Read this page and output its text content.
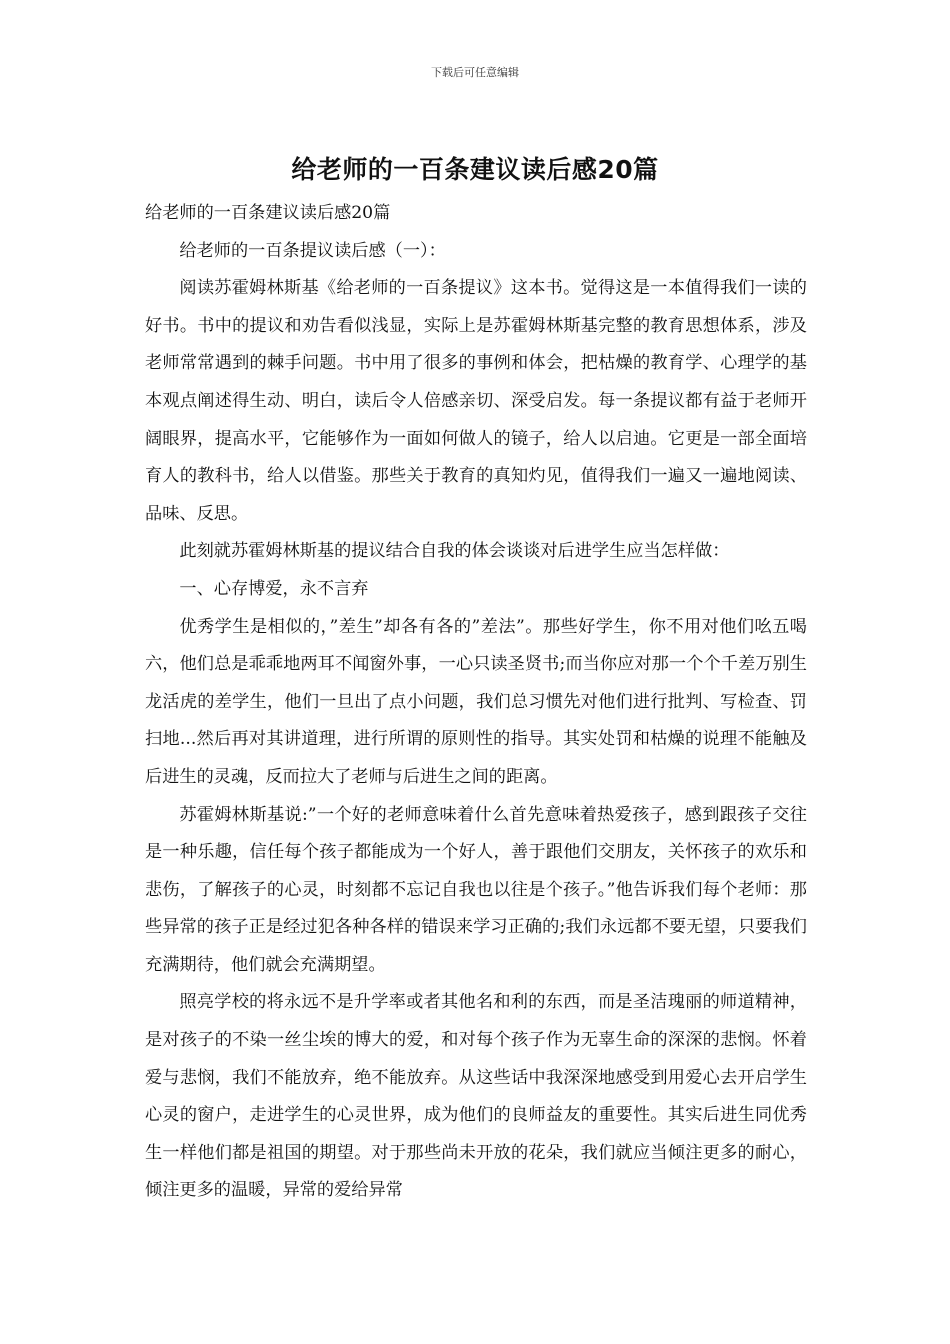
下载后可任意编辑
给老师的一百条建议读后感20篇

给老师的一百条建议读后感20篇

给老师的一百条提议读后感（一）：

阅读苏霍姆林斯基《给老师的一百条提议》这本书。觉得这是一本值得我们一读的好书。书中的提议和劝告看似浅显，实际上是苏霍姆林斯基完整的教育思想体系，涉及老师常常遇到的棘手问题。书中用了很多的事例和体会，把枯燥的教育学、心理学的基本观点阐述得生动、明白，读后令人倍感亲切、深受启发。每一条提议都有益于老师开阔眼界，提高水平，它能够作为一面如何做人的镜子，给人以启迪。它更是一部全面培育人的教科书，给人以借鉴。那些关于教育的真知灼见，值得我们一遍又一遍地阅读、品味、反思。

此刻就苏霍姆林斯基的提议结合自我的体会谈谈对后进学生应当怎样做：

一、心存博爱，永不言弃

优秀学生是相似的，”差生”却各有各的”差法”。那些好学生，你不用对他们吆五喝六，他们总是乖乖地两耳不闻窗外事，一心只读圣贤书;而当你应对那一个个千差万别生龙活虎的差学生，他们一旦出了点小问题，我们总习惯先对他们进行批判、写检查、罚扫地...然后再对其讲道理，进行所谓的原则性的指导。其实处罚和枯燥的说理不能触及后进生的灵魂，反而拉大了老师与后进生之间的距离。

苏霍姆林斯基说:”一个好的老师意味着什么首先意味着热爱孩子，感到跟孩子交往是一种乐趣，信任每个孩子都能成为一个好人，善于跟他们交朋友，关怀孩子的欢乐和悲伤，了解孩子的心灵，时刻都不忘记自我也以往是个孩子。”他告诉我们每个老师：那些异常的孩子正是经过犯各种各样的错误来学习正确的;我们永远都不要无望，只要我们充满期待，他们就会充满期望。

照亮学校的将永远不是升学率或者其他名和利的东西，而是圣洁瑰丽的师道精神，是对孩子的不染一丝尘埃的博大的爱，和对每个孩子作为无辜生命的深深的悲悯。怀着爱与悲悯，我们不能放弃，绝不能放弃。从这些话中我深深地感受到用爱心去开启学生心灵的窗户，走进学生的心灵世界，成为他们的良师益友的重要性。其实后进生同优秀生一样他们都是祖国的期望。对于那些尚未开放的花朵，我们就应当倾注更多的耐心，倾注更多的温暖，异常的爱给异常
